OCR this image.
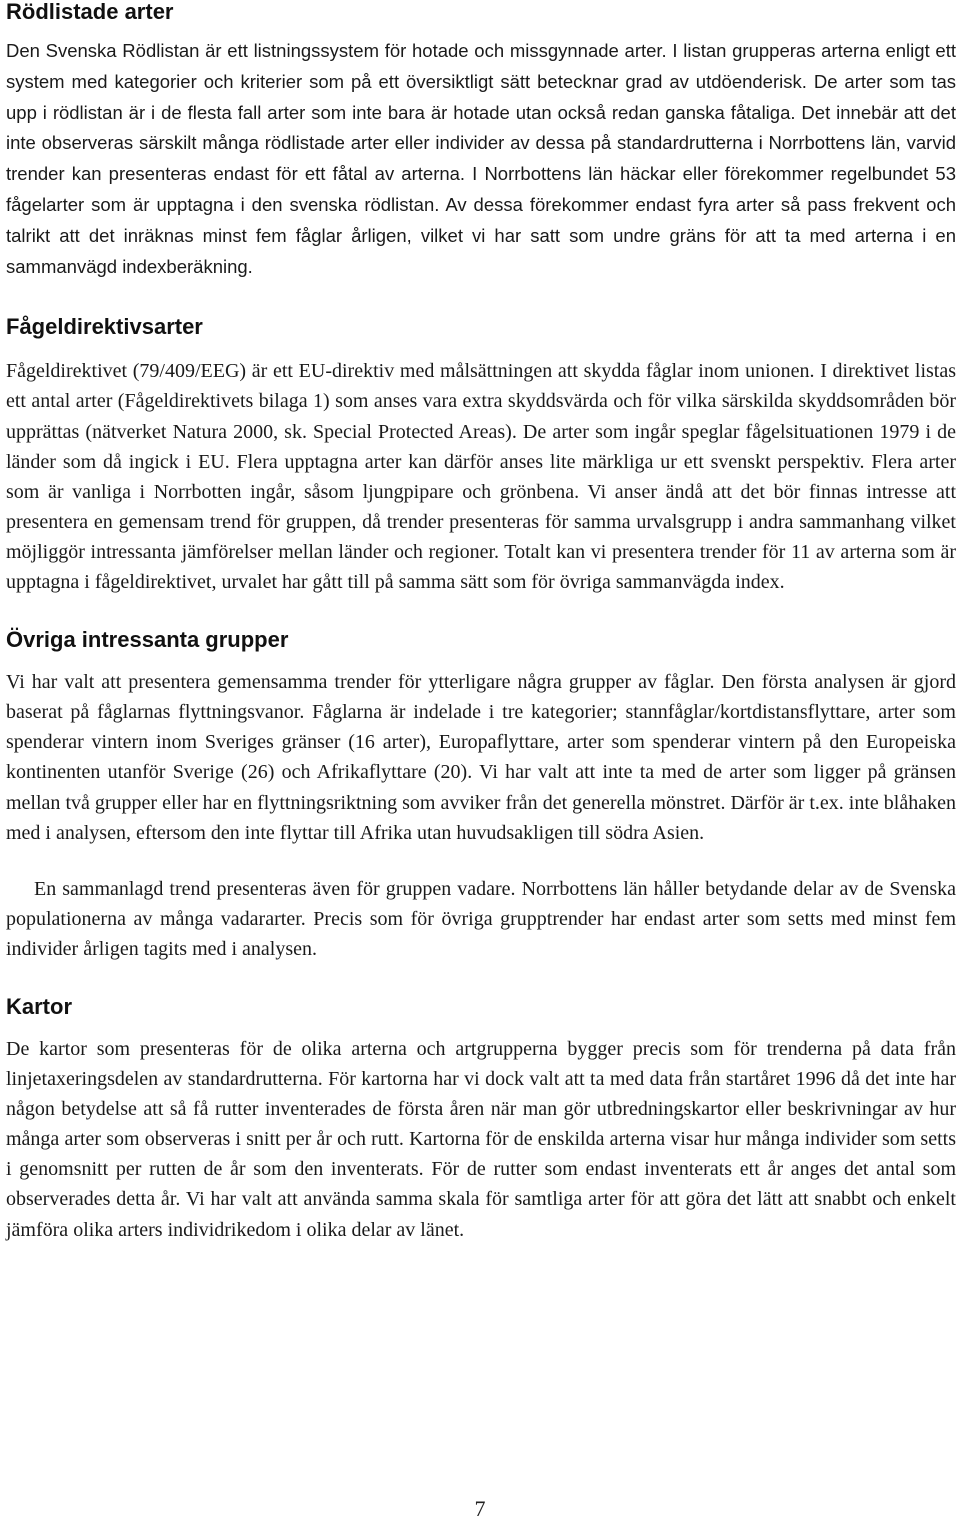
Rödlistade arter

Den Svenska Rödlistan är ett listningssystem för hotade och missgynnade arter. I listan grupperas arterna enligt ett system med kategorier och kriterier som på ett översiktligt sätt betecknar grad av utdöenderisk. De arter som tas upp i rödlistan är i de flesta fall arter som inte bara är hotade utan också redan ganska fåtaliga. Det innebär att det inte observeras särskilt många rödlistade arter eller individer av dessa på standardrutterna i Norrbottens län, varvid trender kan presenteras endast för ett fåtal av arterna. I Norrbottens län häckar eller förekommer regelbundet 53 fågelarter som är upptagna i den svenska rödlistan. Av dessa förekommer endast fyra arter så pass frekvent och talrikt att det inräknas minst fem fåglar årligen, vilket vi har satt som undre gräns för att ta med arterna i en sammanvägd indexberäkning.

Fågeldirektivsarter

Fågeldirektivet (79/409/EEG) är ett EU-direktiv med målsättningen att skydda fåglar inom unionen. I direktivet listas ett antal arter (Fågeldirektivets bilaga 1) som anses vara extra skyddsvärda och för vilka särskilda skyddsområden bör upprättas (nätverket Natura 2000, sk. Special Protected Areas). De arter som ingår speglar fågelsituationen 1979 i de länder som då ingick i EU. Flera upptagna arter kan därför anses lite märkliga ur ett svenskt perspektiv. Flera arter som är vanliga i Norrbotten ingår, såsom ljungpipare och grönbena. Vi anser ändå att det bör finnas intresse att presentera en gemensam trend för gruppen, då trender presenteras för samma urvalsgrupp i andra sammanhang vilket möjliggör intressanta jämförelser mellan länder och regioner. Totalt kan vi presentera trender för 11 av arterna som är upptagna i fågeldirektivet, urvalet har gått till på samma sätt som för övriga sammanvägda index.

Övriga intressanta grupper

Vi har valt att presentera gemensamma trender för ytterligare några grupper av fåglar. Den första analysen är gjord baserat på fåglarnas flyttningsvanor. Fåglarna är indelade i tre kategorier; stannfåglar/kortdistansflyttare, arter som spenderar vintern inom Sveriges gränser (16 arter), Europaflyttare, arter som spenderar vintern på den Europeiska kontinenten utanför Sverige (26) och Afrikaflyttare (20). Vi har valt att inte ta med de arter som ligger på gränsen mellan två grupper eller har en flyttningsriktning som avviker från det generella mönstret. Därför är t.ex. inte blåhaken med i analysen, eftersom den inte flyttar till Afrika utan huvudsakligen till södra Asien.

En sammanlagd trend presenteras även för gruppen vadare. Norrbottens län håller betydande delar av de Svenska populationerna av många vadararter. Precis som för övriga grupptrender har endast arter som setts med minst fem individer årligen tagits med i analysen.

Kartor

De kartor som presenteras för de olika arterna och artgrupperna bygger precis som för trenderna på data från linjetaxeringsdelen av standardrutterna. För kartorna har vi dock valt att ta med data från startåret 1996 då det inte har någon betydelse att så få rutter inventerades de första åren när man gör utbredningskartor eller beskrivningar av hur många arter som observeras i snitt per år och rutt. Kartorna för de enskilda arterna visar hur många individer som setts i genomsnitt per rutten de år som den inventerats. För de rutter som endast inventerats ett år anges det antal som observerades detta år. Vi har valt att använda samma skala för samtliga arter för att göra det lätt att snabbt och enkelt jämföra olika arters individrikedom i olika delar av länet.

7
